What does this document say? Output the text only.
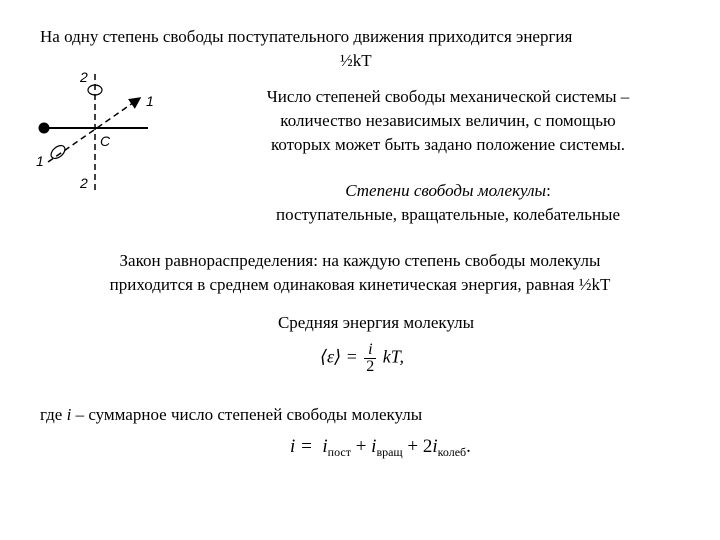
На одну степень свободы поступательного движения приходится энергия
½kT
2
2
1
1
C
Число степеней свободы механической системы –
количество независимых величин, с помощью
которых может быть задано положение системы.
Степени свободы молекулы:
поступательные, вращательные, колебательные
Закон равнораспределения: на каждую степень свободы молекулы
приходится в среднем одинаковая кинетическая энергия, равная ½kT
Средняя энергия молекулы
⟨ε⟩ = $\frac{i}{2}$ kT,
где i – суммарное число степеней свободы молекулы
$i = i_{пост} + i_{вращ} + 2i_{колеб}$.
